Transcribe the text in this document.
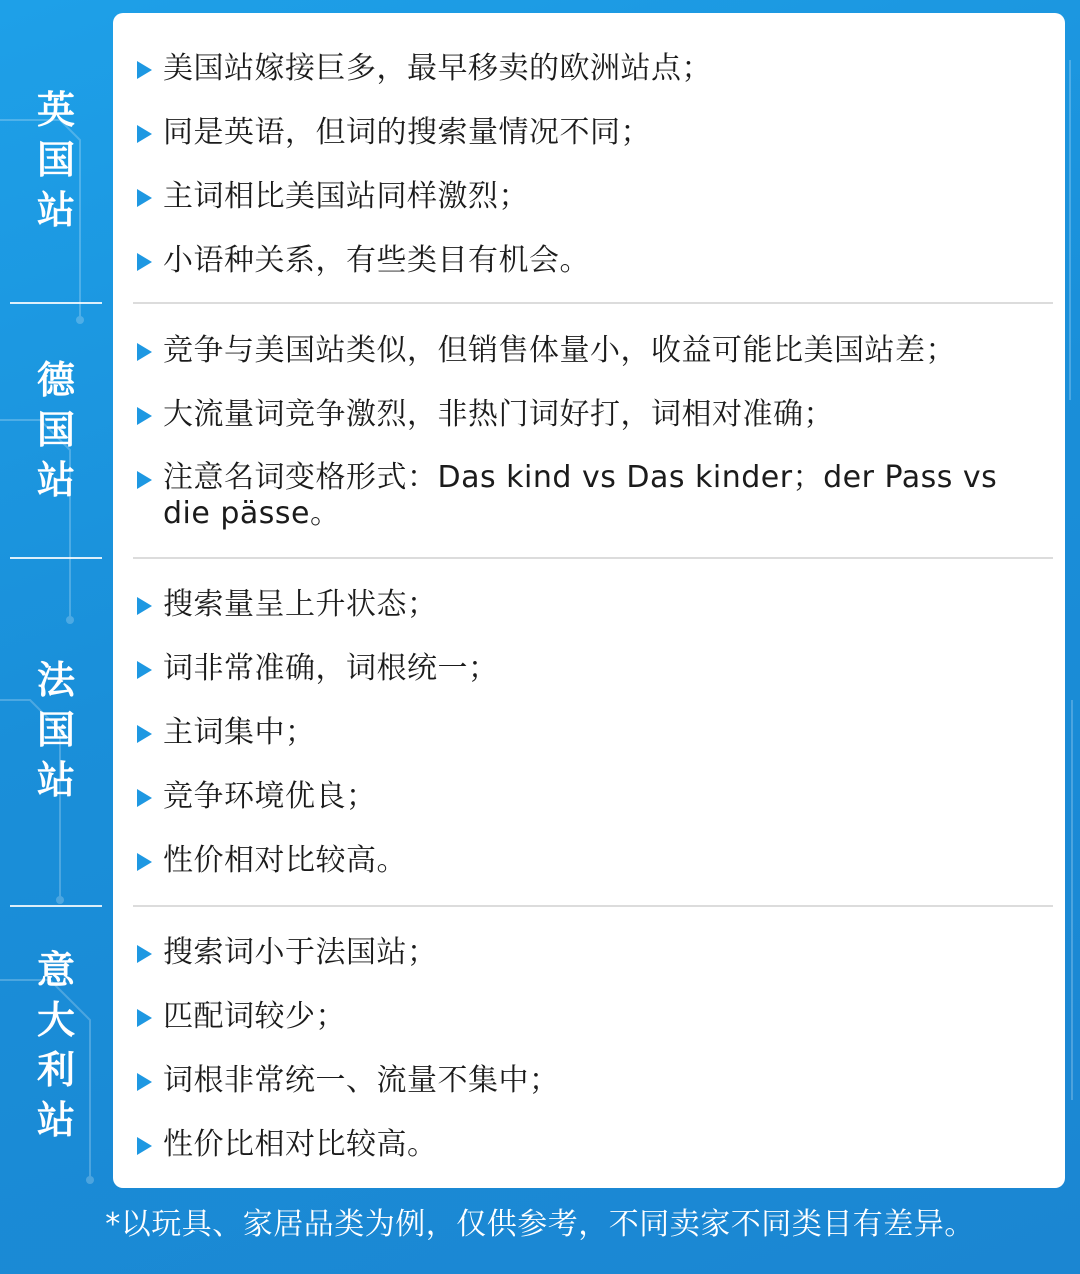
英
国
站
德
国
站
法
国
站
意
大
利
站
美国站嫁接巨多，最早移卖的欧洲站点；
同是英语，但词的搜索量情况不同；
主词相比美国站同样激烈；
小语种关系，有些类目有机会。
竞争与美国站类似，但销售体量小，收益可能比美国站差；
大流量词竞争激烈，非热门词好打，词相对准确；
注意名词变格形式：Das kind vs Das kinder；der Pass vs die pässe。
搜索量呈上升状态；
词非常准确，词根统一；
主词集中；
竞争环境优良；
性价相对比较高。
搜索词小于法国站；
匹配词较少；
词根非常统一、流量不集中；
性价比相对比较高。
*以玩具、家居品类为例，仅供参考，不同卖家不同类目有差异。
